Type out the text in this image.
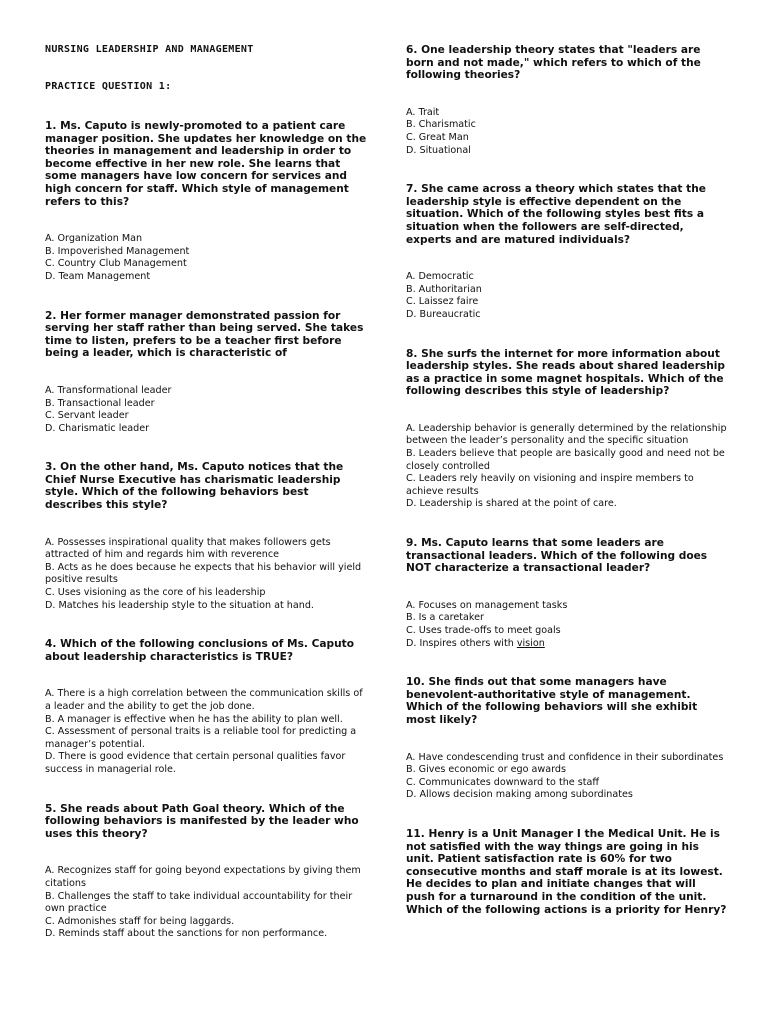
NURSING LEADERSHIP AND MANAGEMENT

PRACTICE QUESTION 1:

1. Ms. Caputo is newly-promoted to a patient care manager position. She updates her knowledge on the theories in management and leadership in order to become effective in her new role. She learns that some managers have low concern for services and high concern for staff. Which style of management refers to this?

A. Organization Man
B. Impoverished Management
C. Country Club Management
D. Team Management

2. Her former manager demonstrated passion for serving her staff rather than being served. She takes time to listen, prefers to be a teacher first before being a leader, which is characteristic of

A. Transformational leader
B. Transactional leader
C. Servant leader
D. Charismatic leader

3. On the other hand, Ms. Caputo notices that the Chief Nurse Executive has charismatic leadership style. Which of the following behaviors best describes this style?

A. Possesses inspirational quality that makes followers gets attracted of him and regards him with reverence
B. Acts as he does because he expects that his behavior will yield positive results
C. Uses visioning as the core of his leadership
D. Matches his leadership style to the situation at hand.

4. Which of the following conclusions of Ms. Caputo about leadership characteristics is TRUE?

A. There is a high correlation between the communication skills of a leader and the ability to get the job done.
B. A manager is effective when he has the ability to plan well.
C. Assessment of personal traits is a reliable tool for predicting a manager’s potential.
D. There is good evidence that certain personal qualities favor success in managerial role.

5. She reads about Path Goal theory. Which of the following behaviors is manifested by the leader who uses this theory?

A. Recognizes staff for going beyond expectations by giving them citations
B. Challenges the staff to take individual accountability for their own practice
C. Admonishes staff for being laggards.
D. Reminds staff about the sanctions for non performance.

6. One leadership theory states that "leaders are born and not made," which refers to which of the following theories?

A. Trait
B. Charismatic
C. Great Man
D. Situational

7. She came across a theory which states that the leadership style is effective dependent on the situation. Which of the following styles best fits a situation when the followers are self-directed, experts and are matured individuals?

A. Democratic
B. Authoritarian
C. Laissez faire
D. Bureaucratic

8. She surfs the internet for more information about leadership styles. She reads about shared leadership as a practice in some magnet hospitals. Which of the following describes this style of leadership?

A. Leadership behavior is generally determined by the relationship between the leader’s personality and the specific situation
B. Leaders believe that people are basically good and need not be closely controlled
C. Leaders rely heavily on visioning and inspire members to achieve results
D. Leadership is shared at the point of care.

9. Ms. Caputo learns that some leaders are transactional leaders. Which of the following does NOT characterize a transactional leader?

A. Focuses on management tasks
B. Is a caretaker
C. Uses trade-offs to meet goals
D. Inspires others with vision

10. She finds out that some managers have benevolent-authoritative style of management. Which of the following behaviors will she exhibit most likely?

A. Have condescending trust and confidence in their subordinates
B. Gives economic or ego awards
C. Communicates downward to the staff
D. Allows decision making among subordinates

11. Henry is a Unit Manager I the Medical Unit. He is not satisfied with the way things are going in his unit. Patient satisfaction rate is 60% for two consecutive months and staff morale is at its lowest. He decides to plan and initiate changes that will push for a turnaround in the condition of the unit. Which of the following actions is a priority for Henry?
